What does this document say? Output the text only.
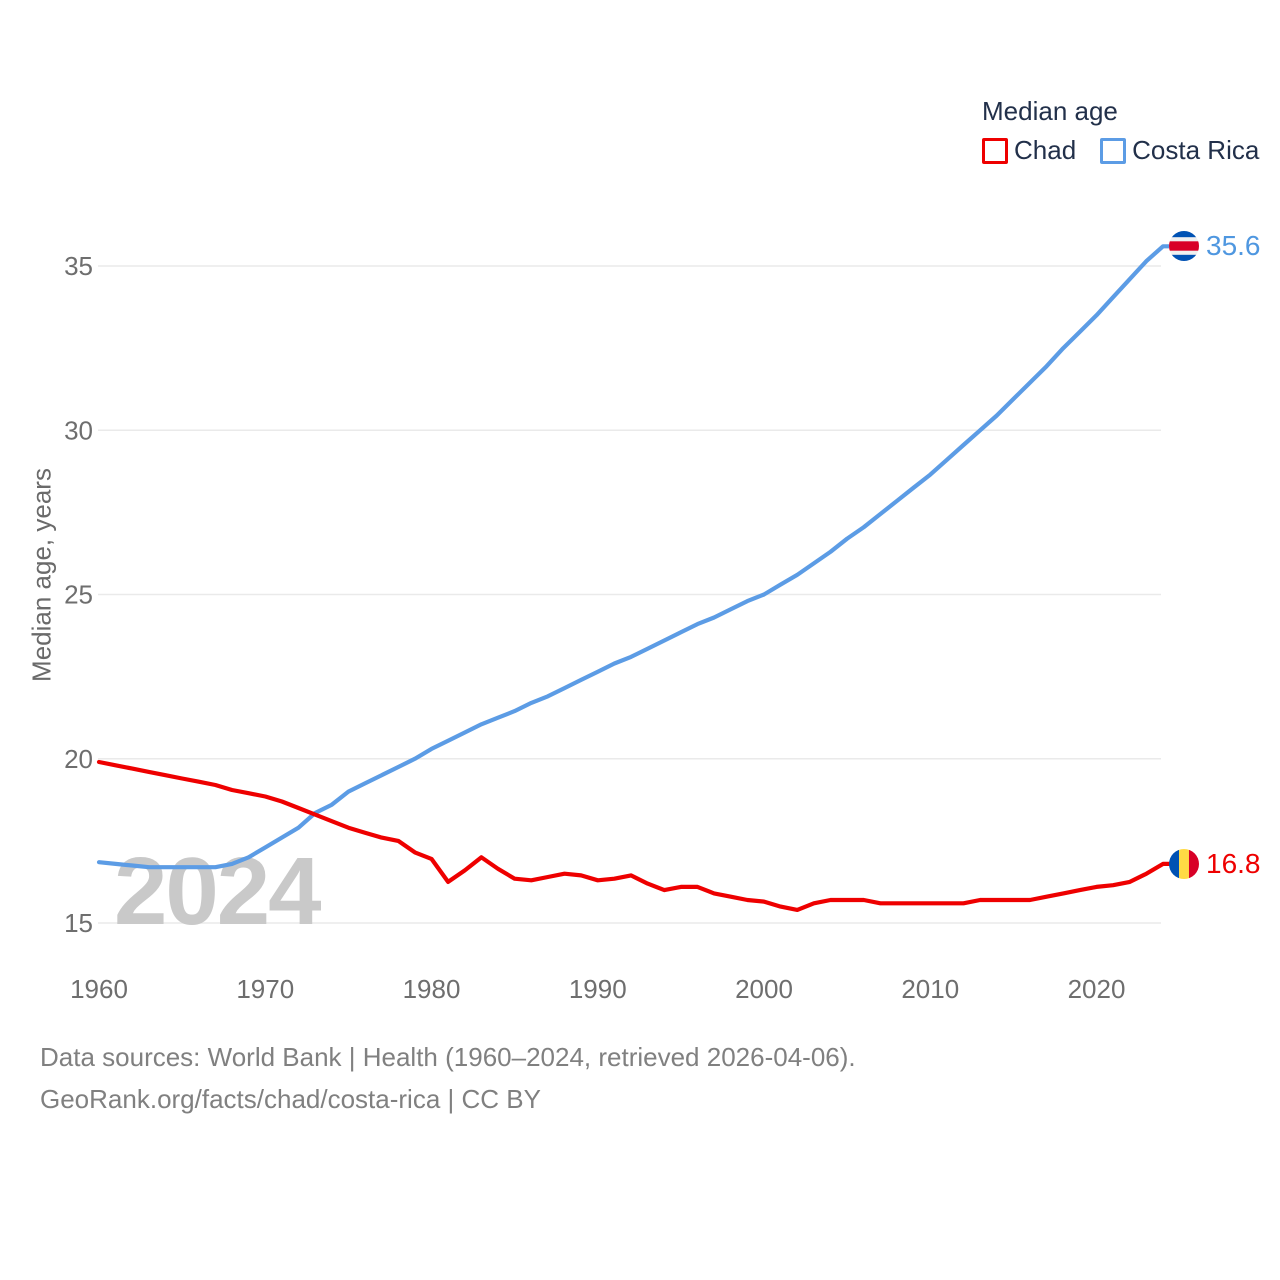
2024
15
20
25
30
35
1960	1970	1980	1990	2000	2010	2020
Median age
Chad Costa Rica
Median age, years
35.6
16.8
Data sources: World Bank | Health (1960–2024, retrieved 2026-04-06).
GeoRank.org/facts/chad/costa-rica | CC BY
